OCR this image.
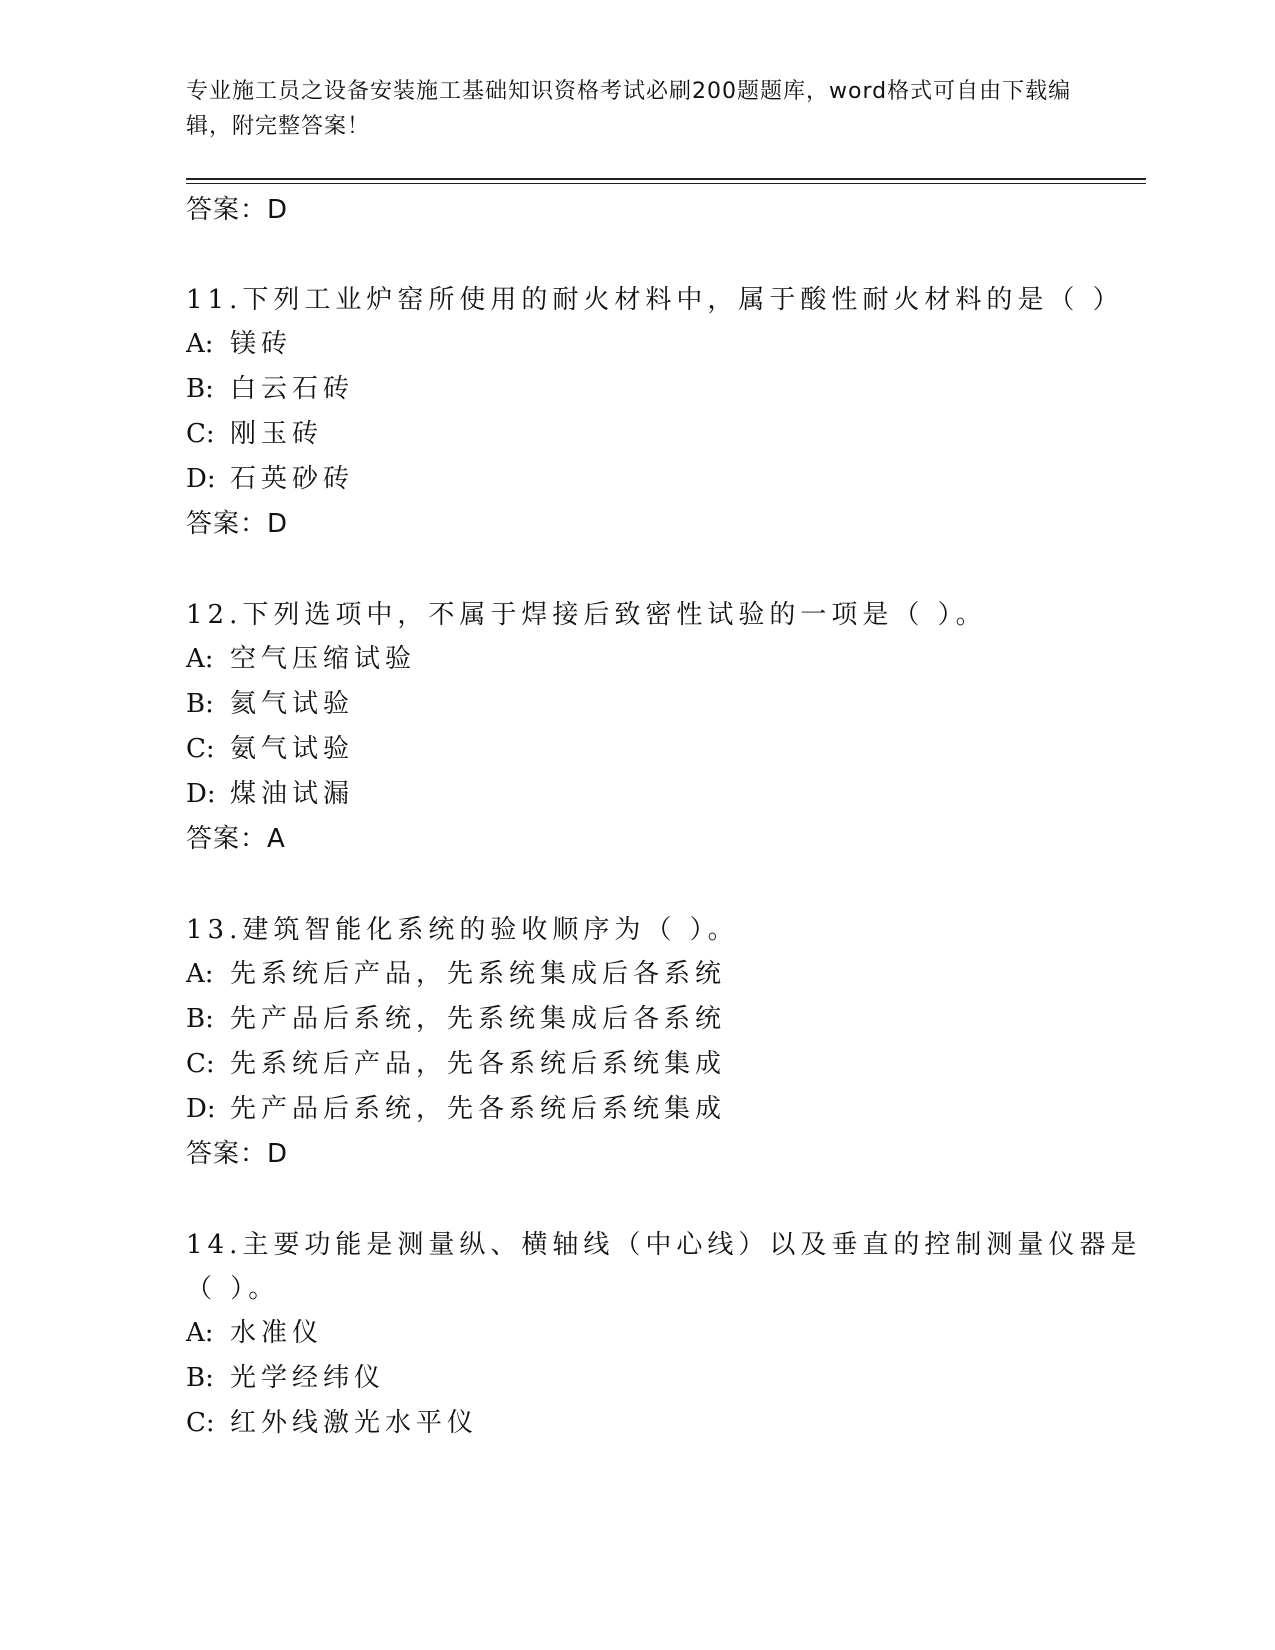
专业施工员之设备安装施工基础知识资格考试必刷200题题库，word格式可自由下载编辑，附完整答案！
答案：D
11.下列工业炉窑所使用的耐火材料中，属于酸性耐火材料的是（ ）
A: 镁砖
B: 白云石砖
C: 刚玉砖
D: 石英砂砖
答案：D
12.下列选项中，不属于焊接后致密性试验的一项是（ ）。
A: 空气压缩试验
B: 氦气试验
C: 氨气试验
D: 煤油试漏
答案：A
13.建筑智能化系统的验收顺序为（ ）。
A: 先系统后产品，先系统集成后各系统
B: 先产品后系统，先系统集成后各系统
C: 先系统后产品，先各系统后系统集成
D: 先产品后系统，先各系统后系统集成
答案：D
14.主要功能是测量纵、横轴线（中心线）以及垂直的控制测量仪器是（ ）。
A: 水准仪
B: 光学经纬仪
C: 红外线激光水平仪
